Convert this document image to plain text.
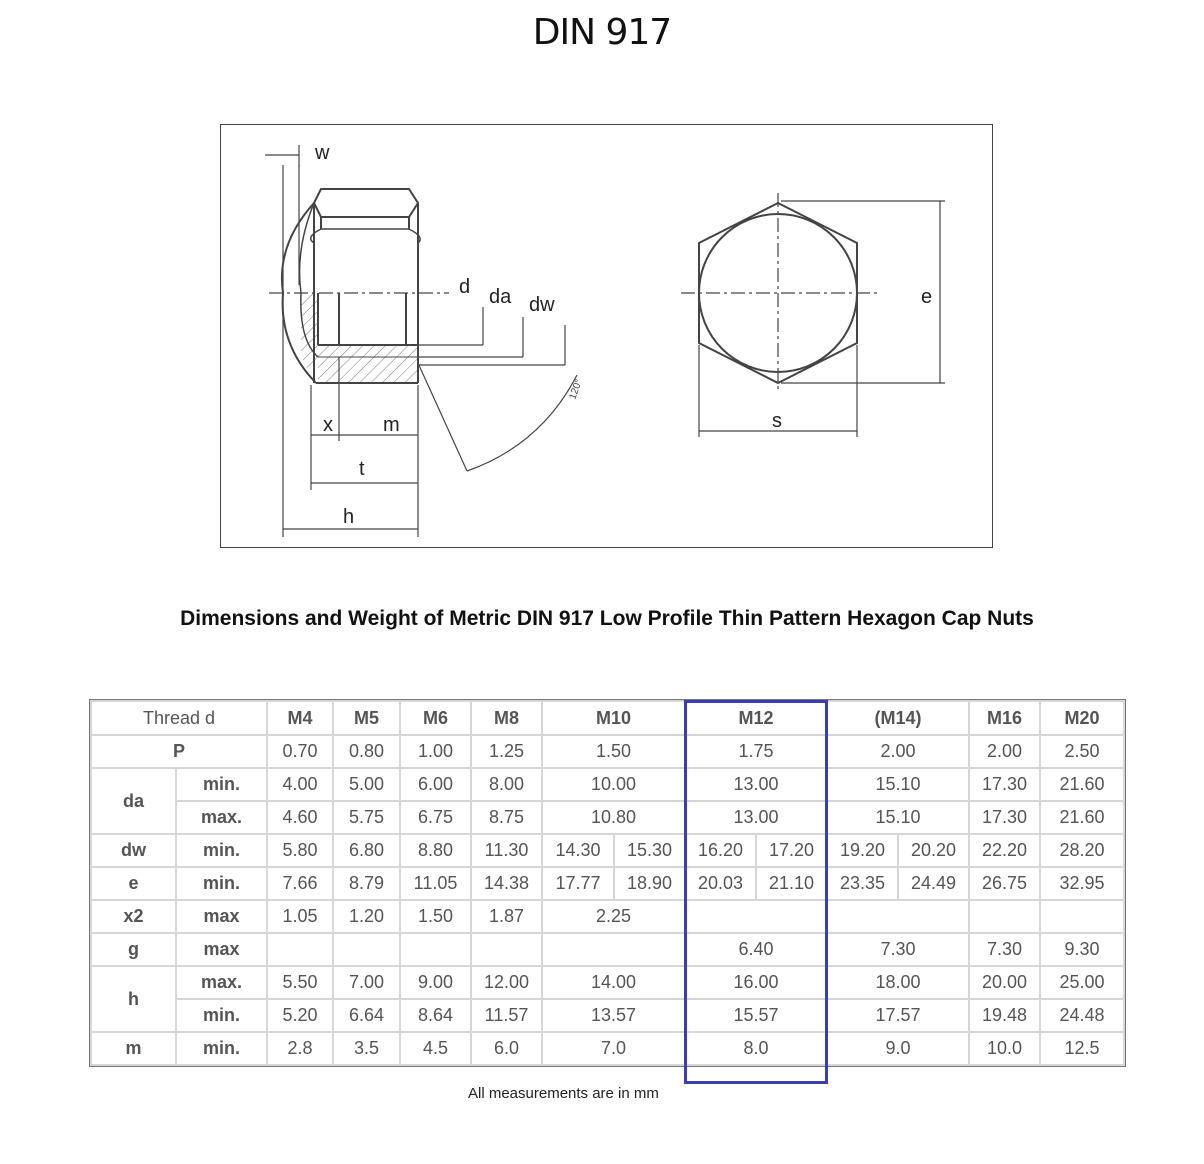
DIN 917
w
d da dw
x	m
t
h
120°
e
s
Dimensions and Weight of Metric DIN 917 Low Profile Thin Pattern Hexagon Cap Nuts
Thread d		M4	M5	M6	M8	M10		M12		(M14)		M16	M20
P		0.70	0.80	1.00	1.25	1.50		1.75		2.00		2.00	2.50
da	min.	4.00	5.00	6.00	8.00	10.00		13.00		15.10		17.30	21.60
	max.	4.60	5.75	6.75	8.75	10.80		13.00		15.10		17.30	21.60
dw	min.	5.80	6.80	8.80	11.30	14.30	15.30	16.20	17.20	19.20	20.20	22.20	28.20
e	min.	7.66	8.79	11.05	14.38	17.77	18.90	20.03	21.10	23.35	24.49	26.75	32.95
x2	max	1.05	1.20	1.50	1.87	2.25							
g	max							6.40		7.30		7.30	9.30
h	max.	5.50	7.00	9.00	12.00	14.00		16.00		18.00		20.00	25.00
	min.	5.20	6.64	8.64	11.57	13.57		15.57		17.57		19.48	24.48
m	min.	2.8	3.5	4.5	6.0	7.0		8.0		9.0		10.0	12.5
All measurements are in mm
